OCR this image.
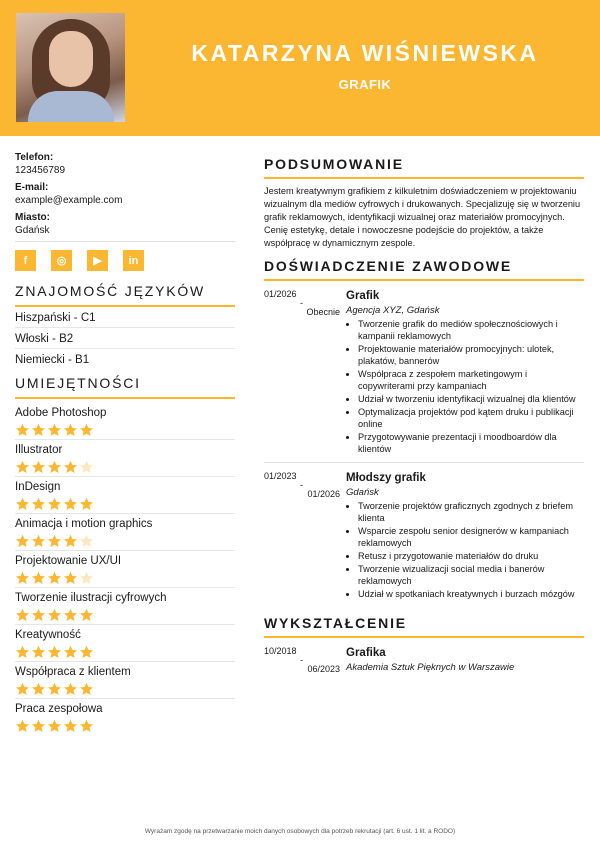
KATARZYNA WIŚNIEWSKA
GRAFIK

Telefon:

123456789

E-mail:

example@example.com

Miasto:

Gdańsk

f	◎	▶	in
ZNAJOMOŚĆ JĘZYKÓW
Hiszpański - C1
Włoski - B2
Niemiecki - B1
UMIEJĘTNOŚCI
Adobe Photoshop
Illustrator
InDesign
Animacja i motion graphics
Projektowanie UX/UI
Tworzenie ilustracji cyfrowych
Kreatywność
Współpraca z klientem
Praca zespołowa
PODSUMOWANIE

Jestem kreatywnym grafikiem z kilkuletnim doświadczeniem w projektowaniu wizualnym dla mediów cyfrowych i drukowanych. Specjalizuję się w tworzeniu grafik reklamowych, identyfikacji wizualnej oraz materiałów promocyjnych. Cenię estetykę, detale i nowoczesne podejście do projektów, a także współpracę w dynamicznym zespole.

DOŚWIADCZENIE ZAWODOWE
01/2026
-
Obecnie

Grafik

Agencja XYZ, Gdańsk

• Tworzenie grafik do mediów społecznościowych i kampanii reklamowych
• Projektowanie materiałów promocyjnych: ulotek, plakatów, bannerów
• Współpraca z zespołem marketingowym i copywriterami przy kampaniach
• Udział w tworzeniu identyfikacji wizualnej dla klientów
• Optymalizacja projektów pod kątem druku i publikacji online
• Przygotowywanie prezentacji i moodboardów dla klientów
01/2023
-
01/2026

Młodszy grafik

Gdańsk

• Tworzenie projektów graficznych zgodnych z briefem klienta
• Wsparcie zespołu senior designerów w kampaniach reklamowych
• Retusz i przygotowanie materiałów do druku
• Tworzenie wizualizacji social media i banerów reklamowych
• Udział w spotkaniach kreatywnych i burzach mózgów
WYKSZTAŁCENIE
10/2018
-
06/2023

Grafika

Akademia Sztuk Pięknych w Warszawie

Wyrażam zgodę na przetwarzanie moich danych osobowych dla potrzeb rekrutacji (art. 6 ust. 1 lit. a RODO)
